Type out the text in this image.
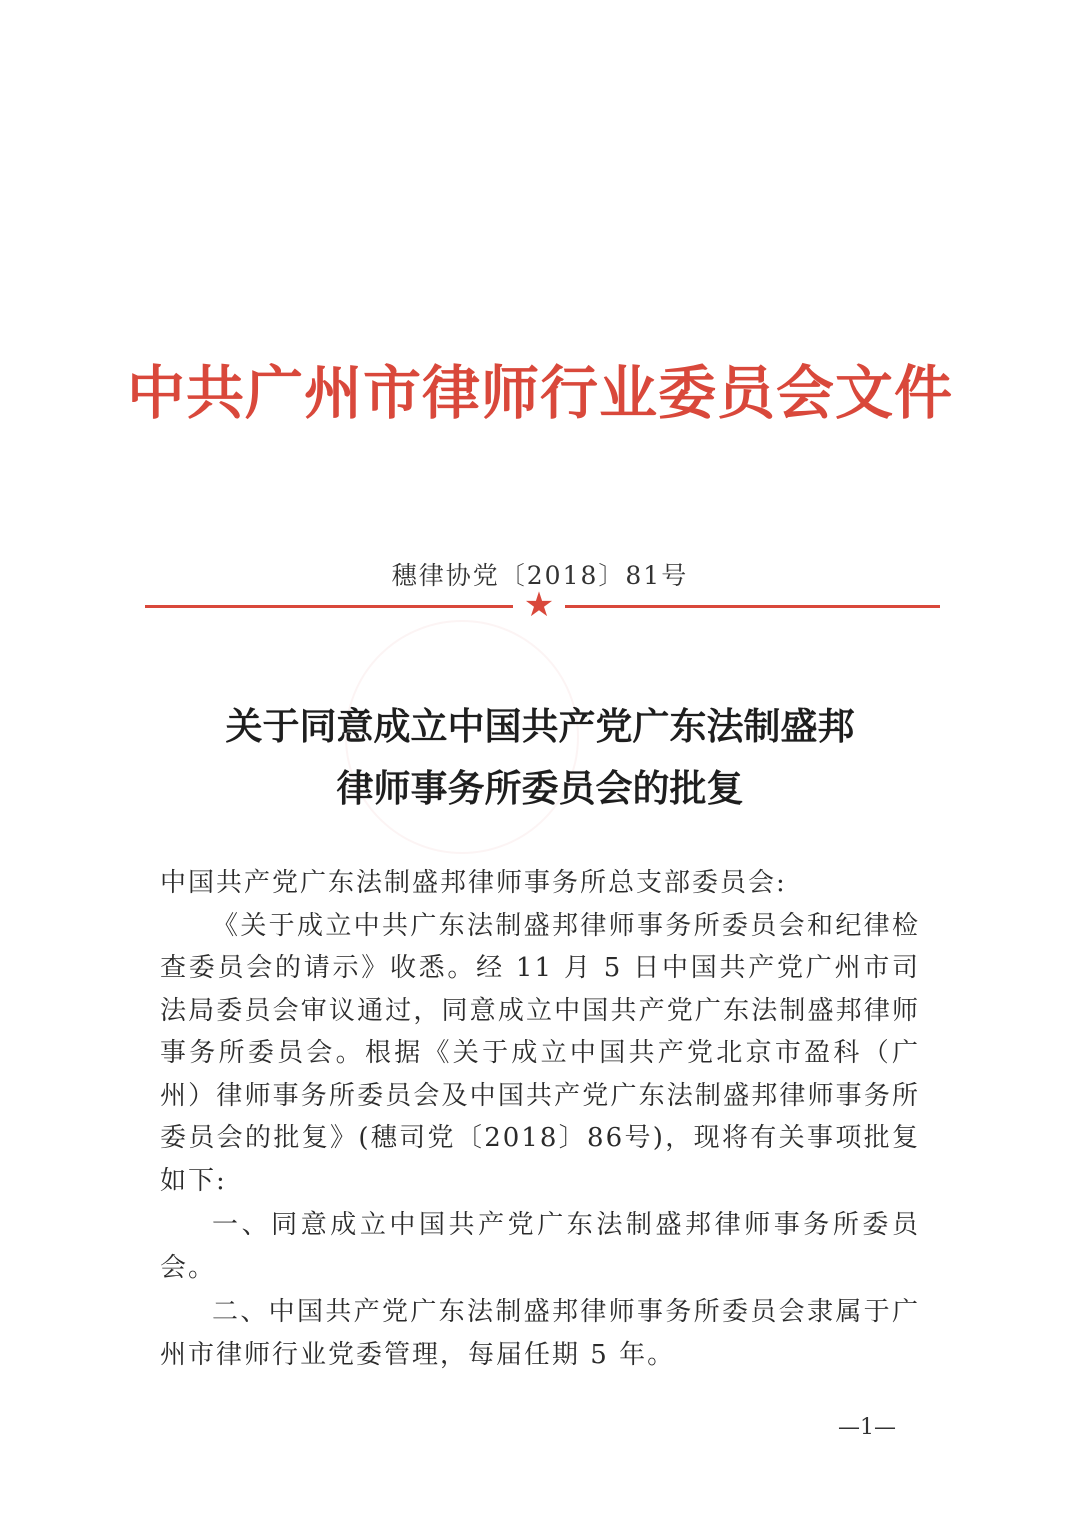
中共广州市律师行业委员会文件
穗律协党〔2018〕81号
★
关于同意成立中国共产党广东法制盛邦
律师事务所委员会的批复

中国共产党广东法制盛邦律师事务所总支部委员会:

《关于成立中共广东法制盛邦律师事务所委员会和纪律检查委员会的请示》收悉。经 11 月 5 日中国共产党广州市司法局委员会审议通过，同意成立中国共产党广东法制盛邦律师事务所委员会。根据《关于成立中国共产党北京市盈科（广州）律师事务所委员会及中国共产党广东法制盛邦律师事务所委员会的批复》(穗司党〔2018〕86号)，现将有关事项批复如下:

一、同意成立中国共产党广东法制盛邦律师事务所委员会。

二、中国共产党广东法制盛邦律师事务所委员会隶属于广州市律师行业党委管理，每届任期 5 年。

—1—
